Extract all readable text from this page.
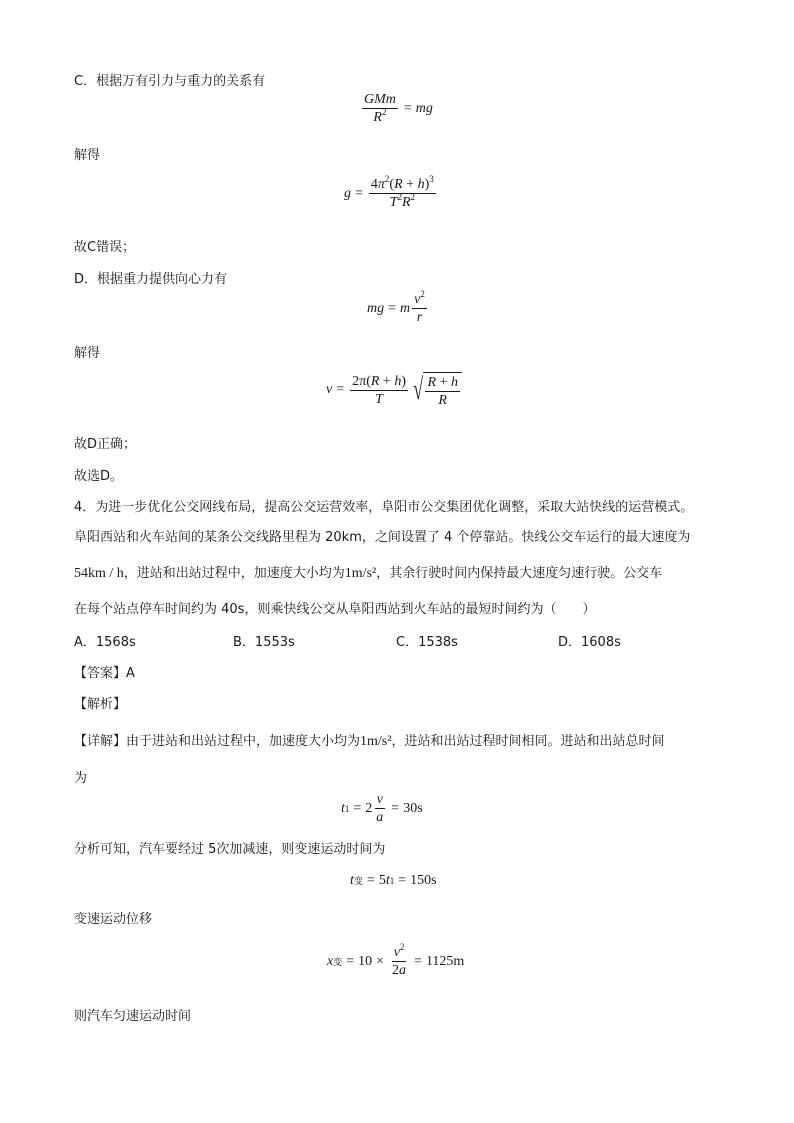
C．根据万有引力与重力的关系有
$\frac{\text{GMm}}{R^2}$ = mg
解得
$g = \frac{4\pi^2(R + h)^3}{T^2R^2}$
故C错误；
D．根据重力提供向心力有
mg = m $\frac{v^2}{r}$
解得
$v = \frac{2\pi(R + h)}{T}$ √ $\frac{R + h}{R}$
故D正确；
故选D。
4．为进一步优化公交网线布局，提高公交运营效率，阜阳市公交集团优化调整，采取大站快线的运营模式。
阜阳西站和火车站间的某条公交线路里程为 20km，之间设置了 4 个停靠站。快线公交车运行的最大速度为
54km / h，进站和出站过程中，加速度大小均为1m/s²，其余行驶时间内保持最大速度匀速行驶。公交车
在每个站点停车时间约为 40s，则乘快线公交从阜阳西站到火车站的最短时间约为（　　）
A．1568s	B．1553s	C．1538s	D．1608s
【答案】A
【解析】
【详解】由于进站和出站过程中，加速度大小均为1m/s²，进站和出站过程时间相同。进站和出站总时间
为
t $1 = 2 \frac{v}{a} = 30s$
分析可知，汽车要经过 5次加减速，则变速运动时间为
t 变 = 5 t 1 = 150s
变速运动位移
x 变 = $10 \times \frac{v^2}{2a} = 1125m$
则汽车匀速运动时间
